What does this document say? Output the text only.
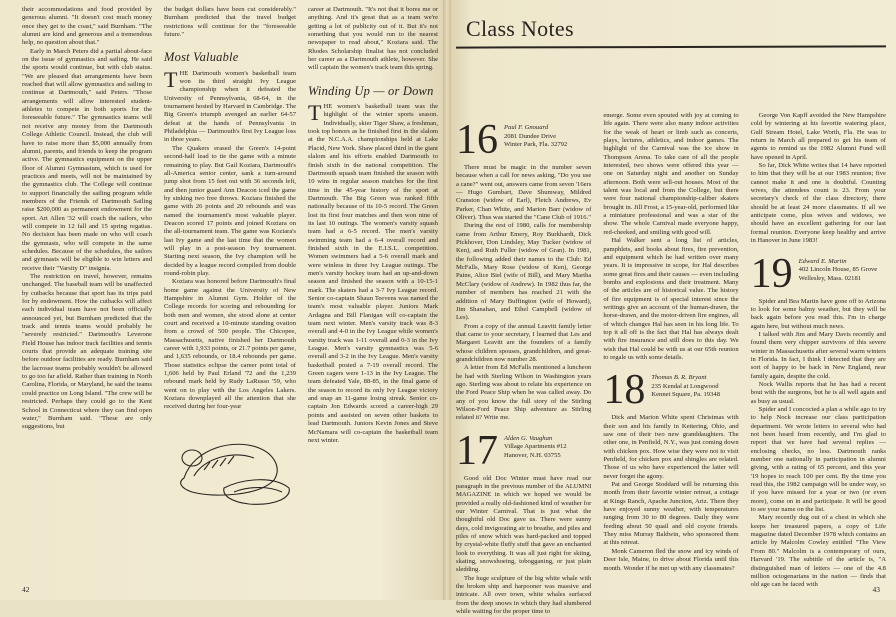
their accommodations and food provided by generous alumni. "It doesn't cost much money once they get to the coast," said Burnham. "The alumni are kind and generous and a tremendous help, no question about that."

Early in March Peters did a partial about-face on the issue of gymnastics and sailing. He said the sports would continue, but with club status. "We are pleased that arrangements have been reached that will allow gymnastics and sailing to continue at Dartmouth," said Peters. "Those arrangements will allow interested student-athletes to compete in both sports for the foreseeable future." The gymnastics teams will not receive any money from the Dartmouth College Athletic Council. Instead, the club will have to raise more than $5,000 annually from alumni, parents, and friends to keep the program active. The gymnastics equipment on the upper floor of Alumni Gymnasium, which is used for practices and meets, will not be maintained by the gymnastics club. The College will continue to support financially the sailing program while members of the Friends of Dartmouth Sailing raise $200,000 as permanent endowment for the sport. Art Allen '32 will coach the sailors, who will compete in 12 fall and 15 spring regattas. No decision has been made on who will coach the gymnasts, who will compete in the same schedules. Because of the schedules, the sailors and gymnasts will be eligible to win letters and receive their "Varsity D" insignia.

The restriction on travel, however, remains unchanged. The baseball team will be unaffected by cutbacks because that sport has its trips paid for by endowment. How the cutbacks will affect each individual team have not been officially announced yet, but Burnham predicted that the track and tennis teams would probably be "severely restricted." Dartmouth's Leverone Field House has indoor track facilities and tennis courts that provide an adequate training site before outdoor facilities are ready. Burnham said the lacrosse teams probably wouldn't be allowed to go too far afield. Rather than training in North Carolina, Florida, or Maryland, he said the teams could practice on Long Island. "The crew will be restricted. Perhaps they could go to the Kent School in Connecticut where they can find open water," Burnham said. "These are only suggestions, but

the budget dollars have been cut considerably." Burnham predicted that the travel budget restrictions will continue for the "foreseeable future."

Most Valuable

THE Dartmouth women's basketball team won its third straight Ivy League championship when it defeated the University of Pennsylvania, 68-64, in the tournament hosted by Harvard in Cambridge. The Big Green's triumph avenged an earlier 64-57 defeat at the hands of Pennsylvania in Philadelphia — Dartmouth's first Ivy League loss in three years.

The Quakers erased the Green's 14-point second-half lead to tie the game with a minute remaining to play. But Gail Koziara, Dartmouth's all-America senior center, sank a turn-around jump shot from 15 feet out with 36 seconds left, and then junior guard Ann Deacon iced the game by sinking two free throws. Koziara finished the game with 26 points and 20 rebounds and was named the tournament's most valuable player. Deacon scored 17 points and joined Koziara on the all-tournament team. The game was Koziara's last Ivy game and the last time that the women will play in a post-season Ivy tournament. Starting next season, the Ivy champion will be decided by a league record compiled from double round-robin play.

Koziara was honored before Dartmouth's final home game against the University of New Hampshire in Alumni Gym. Holder of the College records for scoring and rebounding for both men and women, she stood alone at center court and received a 10-minute standing ovation from a crowd of 500 people. The Chicopee, Massachusetts, native finished her Dartmouth career with 1,933 points, or 21.7 points per game, and 1,635 rebounds, or 18.4 rebounds per game. Those statistics eclipse the career point total of 1,606 held by Paul Erland '72 and the 1,239 rebound mark held by Rudy LaRusso '59, who went on to play with the Los Angeles Lakers. Koziara downplayed all the attention that she received during her four-year

career at Dartmouth. "It's not that it bores me or anything. And it's great that as a team we're getting a lot of publicity out of it. But it's not something that you would run to the nearest newspaper to read about," Koziara said. The Rhodes Scholarship finalist has not concluded her career as a Dartmouth athlete, however. She will captain the women's track team this spring.

Winding Up — or Down

THE women's basketball team was the highlight of the winter sports season. Individually, skier Tiger Shaw, a freshman, took top honors as he finished first in the slalom at the N.C.A.A. championships held at Lake Placid, New York. Shaw placed third in the giant slalom and his efforts enabled Dartmouth to finish sixth in the national competition. The Dartmouth squash team finished the season with 10 wins in regular season matches for the first time in the 45-year history of the sport at Dartmouth. The Big Green was ranked fifth nationally because of its 10-5 record. The Green lost its first four matches and then won nine of its last 10 outings. The women's varsity squash team had a 6-5 record. The men's varsity swimming team had a 6-4 overall record and finished sixth in the E.I.S.L. competition. Women swimmers had a 5-6 overall mark and were winless in three Ivy League outings. The men's varsity hockey team had an up-and-down season and finished the season with a 10-15-1 mark. The skaters had a 3-7 Ivy League record. Senior co-captain Shaun Teevens was named the team's most valuable player. Juniors Mark Ardagna and Bill Flanigan will co-captain the team next winter. Men's varsity track was 8-3 overall and 4-0 in the Ivy League while women's varsity track was 1-11 overall and 0-3 in the Ivy League. Men's varsity gymnastics was 5-6 overall and 3-2 in the Ivy League. Men's varsity basketball posted a 7-19 overall record. The Green cagers were 1-13 in the Ivy League. The team defeated Yale, 88-85, in the final game of the season to record its only Ivy League victory and snap an 11-game losing streak. Senior co-captain Jon Edwards scored a career-high 29 points and assisted on seven other baskets to lead Dartmouth. Juniors Kevin Jones and Steve McNamara will co-captain the basketball team next winter.

42
Class Notes
16 Paul F. Gnouard
2081 Dundee Drive
Winter Park, Fla. 32792

There must be magic in the number seven because when a call for news asking, "Do you use a cane?" went out, answers came from seven '16ers — Hugo Gumbart, Dave Shumway, Mildred Cranston (widow of Earl), Fletch Andrews, Ev Parker, Chan White, and Marion Barr (widow of Oliver). Thus was started the "Cane Club of 1916."

During the rest of 1980, calls for membership came from Arthur Emery, Roy Burkhardt, Dick Pickhover, Don Lindsley, May Tucker (widow of Ken), and Ruth Fuller (widow of Gran). In 1981, the following added their names to the Club: Ed McFalls, Mary Rose (widow of Ken), George Paine, Alice Biel (wife of Bill), and Mary Martha McClary (widow of Andrew). In 1982 thus far, the number of members has reached 21 with the addition of Mary Buffington (wife of Howard), Jim Shanahan, and Ethel Campbell (widow of Les).

From a copy of the annual Leavitt family letter that came to your secretary, I learned that Les and Margaret Leavitt are the founders of a family whose children spouses, grandchildren, and great-grandchildren now number 28.

A letter from Ed McFalls mentioned a luncheon he had with Sterling Wilson in Washington years ago. Sterling was about to relate his experience on the Ford Peace Ship when he was called away. Do any of you know the full story of the Stirling Wilson-Ford Peace Ship adventure as Stirling related it? Write me.

17 Alden G. Vaughan
Village Apartments #12
Hanover, N.H. 03755

Good old Doc Winter must have read our paragraph in the previous number of the ALUMNI MAGAZINE in which we hoped we would be provided a really old-fashioned kind of weather for our Winter Carnival. That is just what the thoughtful old Doc gave us. There were sunny days, cold invigorating air to breathe, and piles and piles of snow which was hard-packed and topped by crystal-white fluffy stuff that gave an enchanted look to everything. It was all just right for skiing, skating, snowshoeing, tobogganing, or just plain sledding.

The huge sculpture of the big white whale with the broken ship and harpooner was massive and intricate. All over town, white whales surfaced from the deep snows in which they had slumbered while waiting for the proper time to

emerge. Some even spouted with joy at coming to life again. There were also many indoor activities for the weak of heart or limb such as concerts, plays, lectures, athletics, and indoor games. The highlight of the Carnival was the ice show in Thompson Arena. To take care of all the people interested, two shows were offered this year — one on Saturday night and another on Sunday afternoon. Both were sell-out houses. Most of the talent was local and from the College, but there were four national championship-caliber skaters brought in. Jill Frost, a 15-year-old, performed like a miniature professional and was a star of the show. The whole Carnival made everyone happy, red-cheeked, and smiling with good will.

Hal Walker sent a long list of articles, pamphlets, and books about fires, fire prevention, and equipment which he had written over many years. It is impressive in scope, for Hal describes some great fires and their causes — even including bombs and explosions and their treatment. Many of the articles are of historical value. The history of fire equipment is of special interest since the writings give an account of the human-drawn, the horse-drawn, and the motor-driven fire engines, all of which changes Hal has seen in his long life. To top it all off is the fact that Hal has always dealt with fire insurance and still does to this day. We wish that Hal could be with us at our 65th reunion to regale us with some details.

18 Thomas B. R. Bryant
235 Kendal at Longwood
Kennet Square, Pa. 19348

Dick and Marion White spent Christmas with their son and his family in Kettering, Ohio, and saw one of their two new granddaughters. The other one, in Penfield, N.Y., was just coming down with chicken pox. How wise they were not to visit Penfield, for chicken pox and shingles are related. Those of us who have experienced the latter will never forget the agony.

Pat and George Stoddard will be returning this month from their favorite winter retreat, a cottage at Kings Ranch, Apache Junction, Ariz. There they have enjoyed sunny weather, with temperatures ranging from 30 to 80 degrees. Daily they were feeding about 50 quail and old coyote friends. They miss Murray Baldwin, who sponsored them at this retreat.

Monk Cameron fled the snow and icy winds of Deer Isle, Maine, to drive about Florida until this month. Wonder if he met up with any classmates?

George Von Kapff avoided the New Hampshire cold by wintering at his favorite watering place, Gulf Stream Hotel, Lake Worth, Fla. He was to return in March all prepared to get his team of agents to remind us the 1982 Alumni Fund will have opened in April.

So far, Dick White writes that 14 have reported to him that they will be at our 1983 reunion; five cannot make it and one is doubtful. Counting wives, the attendees count is 23. From your secretary's check of the class directory, there should be at least 24 more classmates. If all we anticipate come, plus wives and widows, we should have an excellent gathering for our last formal reunion. Everyone keep healthy and arrive in Hanover in June 1983!

19 Edward E. Martin
402 Lincoln House, 85 Grove
Wellesley, Mass. 02181

Spider and Bea Martin have gone off to Arizona to look for some balmy weather, but they will be back again before you read this. I'm in charge again here, but without much news.

I talked with Jim and Mary Davis recently and found them very chipper survivors of this severe winter in Massachusetts after several warm winters in Florida. In fact, I think I detected that they are sort of happy to be back in New England, near family again, despite the cold.

Nock Wallis reports that he has had a recent bout with the surgeons, but he is all well again and as busy as usual.

Spider and I concocted a plan a while ago to try to help Nock increase our class participation department. We wrote letters to several who had not been heard from recently, and I'm glad to report that we have had several replies — enclosing checks, no less. Dartmouth ranks number one nationally in participation in alumni giving, with a rating of 65 percent, and this year '19 hopes to reach 100 per cent. By the time you read this, the 1982 campaign will be under way, so if you have missed for a year or two (or even more), come on in and participate. It will be good to see your name on the list.

Mary recently dug out of a chest in which she keeps her treasured papers, a copy of Life magazine dated December 1978 which contains an article by Malcolm Cowley entitled "The View From 80." Malcolm is a contemporary of ours, Harvard '19. The subtitle of the article is, "A distinguished man of letters — one of the 4.8 million octogenarians in the nation — finds that old age can be faced with

43
